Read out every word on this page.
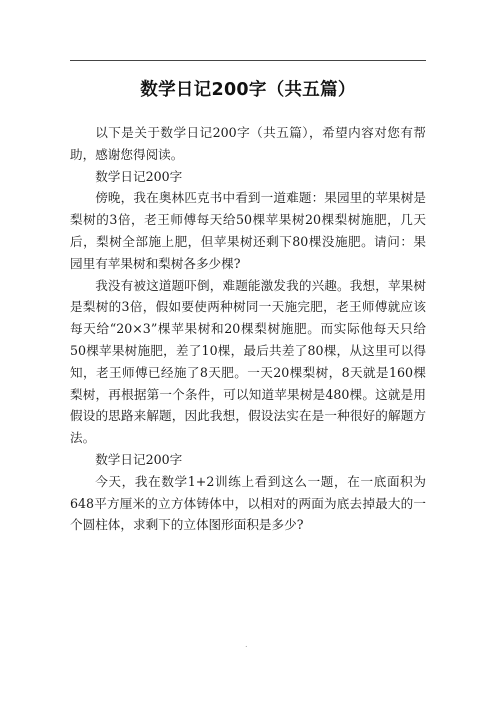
数学日记200字（共五篇）

以下是关于数学日记200字（共五篇），希望内容对您有帮助，感谢您得阅读。

数学日记200字

傍晚，我在奥林匹克书中看到一道难题：果园里的苹果树是梨树的3倍，老王师傅每天给50棵苹果树20棵梨树施肥，几天后，梨树全部施上肥，但苹果树还剩下80棵没施肥。请问：果园里有苹果树和梨树各多少棵?

我没有被这道题吓倒，难题能激发我的兴趣。我想，苹果树是梨树的3倍，假如要使两种树同一天施完肥，老王师傅就应该每天给“20×3”棵苹果树和20棵梨树施肥。而实际他每天只给50棵苹果树施肥，差了10棵，最后共差了80棵，从这里可以得知，老王师傅已经施了8天肥。一天20棵梨树，8天就是160棵梨树，再根据第一个条件，可以知道苹果树是480棵。这就是用假设的思路来解题，因此我想，假设法实在是一种很好的解题方法。

数学日记200字

今天，我在数学1+2训练上看到这么一题，在一底面积为648平方厘米的立方体铸体中，以相对的两面为底去掉最大的一个圆柱体，求剩下的立体图形面积是多少?

.
